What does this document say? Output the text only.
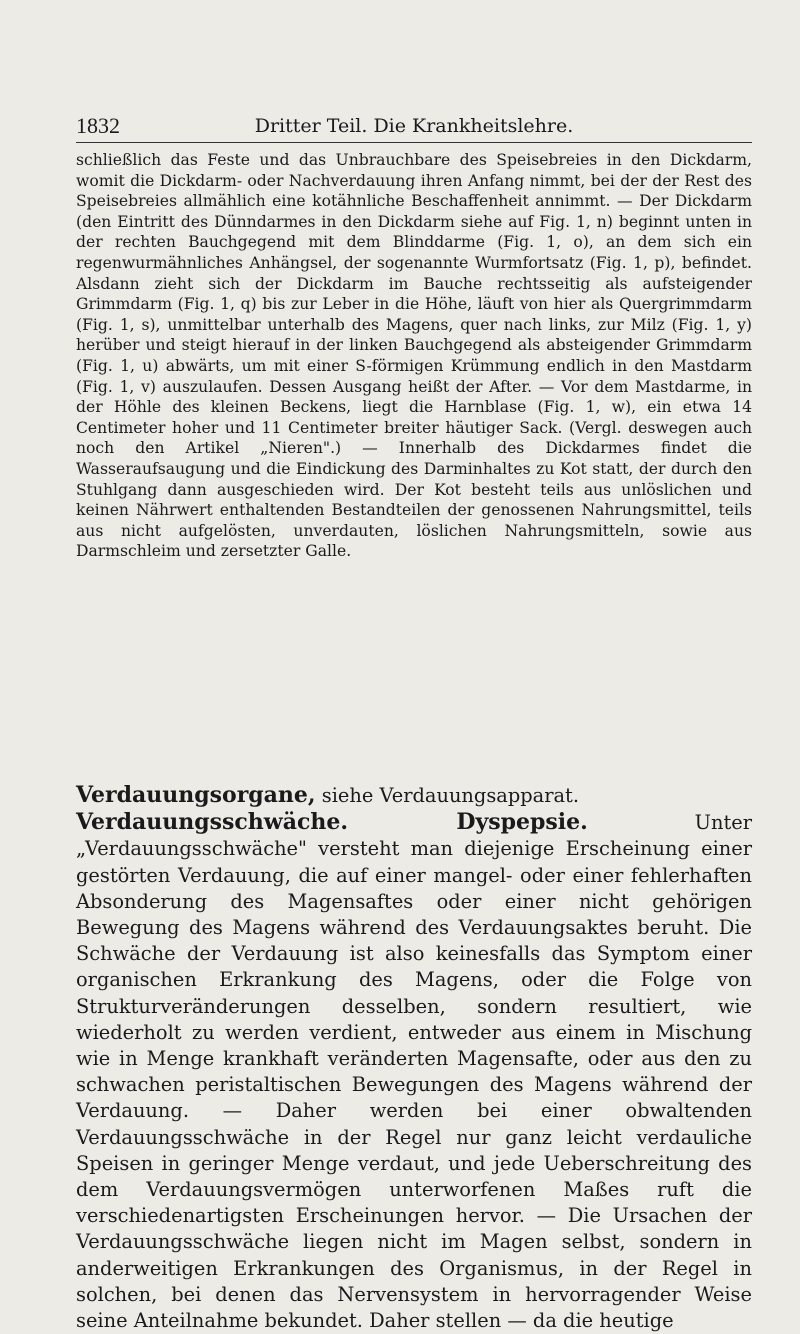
1832	Dritter Teil. Die Krankheitslehre.

schließlich das Feste und das Unbrauchbare des Speisebreies in den Dickdarm, womit die Dickdarm- oder Nachverdauung ihren Anfang nimmt, bei der der Rest des Speisebreies allmählich eine kotähnliche Beschaffenheit annimmt. — Der Dickdarm (den Eintritt des Dünndarmes in den Dickdarm siehe auf Fig. 1, n) beginnt unten in der rechten Bauchgegend mit dem Blinddarme (Fig. 1, o), an dem sich ein regenwurmähnliches Anhängsel, der sogenannte Wurmfortsatz (Fig. 1, p), befindet. Alsdann zieht sich der Dickdarm im Bauche rechtsseitig als aufsteigender Grimmdarm (Fig. 1, q) bis zur Leber in die Höhe, läuft von hier als Quergrimmdarm (Fig. 1, s), unmittelbar unterhalb des Magens, quer nach links, zur Milz (Fig. 1, y) herüber und steigt hierauf in der linken Bauchgegend als absteigender Grimmdarm (Fig. 1, u) abwärts, um mit einer S-förmigen Krümmung endlich in den Mastdarm (Fig. 1, v) auszulaufen. Dessen Ausgang heißt der After. — Vor dem Mastdarme, in der Höhle des kleinen Beckens, liegt die Harnblase (Fig. 1, w), ein etwa 14 Centimeter hoher und 11 Centimeter breiter häutiger Sack. (Vergl. deswegen auch noch den Artikel „Nieren".) — Innerhalb des Dickdarmes findet die Wasseraufsaugung und die Eindickung des Darminhaltes zu Kot statt, der durch den Stuhlgang dann ausgeschieden wird. Der Kot besteht teils aus unlöslichen und keinen Nährwert enthaltenden Bestandteilen der genossenen Nahrungsmittel, teils aus nicht aufgelösten, unverdauten, löslichen Nahrungsmitteln, sowie aus Darmschleim und zersetzter Galle.

Verdauungsorgane, siehe Verdauungsapparat.

Verdauungsschwäche. Dyspepsie. Unter „Verdauungsschwäche" versteht man diejenige Erscheinung einer gestörten Verdauung, die auf einer mangel- oder einer fehlerhaften Absonderung des Magensaftes oder einer nicht gehörigen Bewegung des Magens während des Verdauungsaktes beruht. Die Schwäche der Verdauung ist also keinesfalls das Symptom einer organischen Erkrankung des Magens, oder die Folge von Strukturveränderungen desselben, sondern resultiert, wie wiederholt zu werden verdient, entweder aus einem in Mischung wie in Menge krankhaft veränderten Magensafte, oder aus den zu schwachen peristaltischen Bewegungen des Magens während der Verdauung. — Daher werden bei einer obwaltenden Verdauungsschwäche in der Regel nur ganz leicht verdauliche Speisen in geringer Menge verdaut, und jede Ueberschreitung des dem Verdauungsvermögen unterworfenen Maßes ruft die verschiedenartigsten Erscheinungen hervor. — Die Ursachen der Verdauungsschwäche liegen nicht im Magen selbst, sondern in anderweitigen Erkrankungen des Organismus, in der Regel in solchen, bei denen das Nervensystem in hervorragender Weise seine Anteilnahme bekundet. Daher stellen — da die heutige
